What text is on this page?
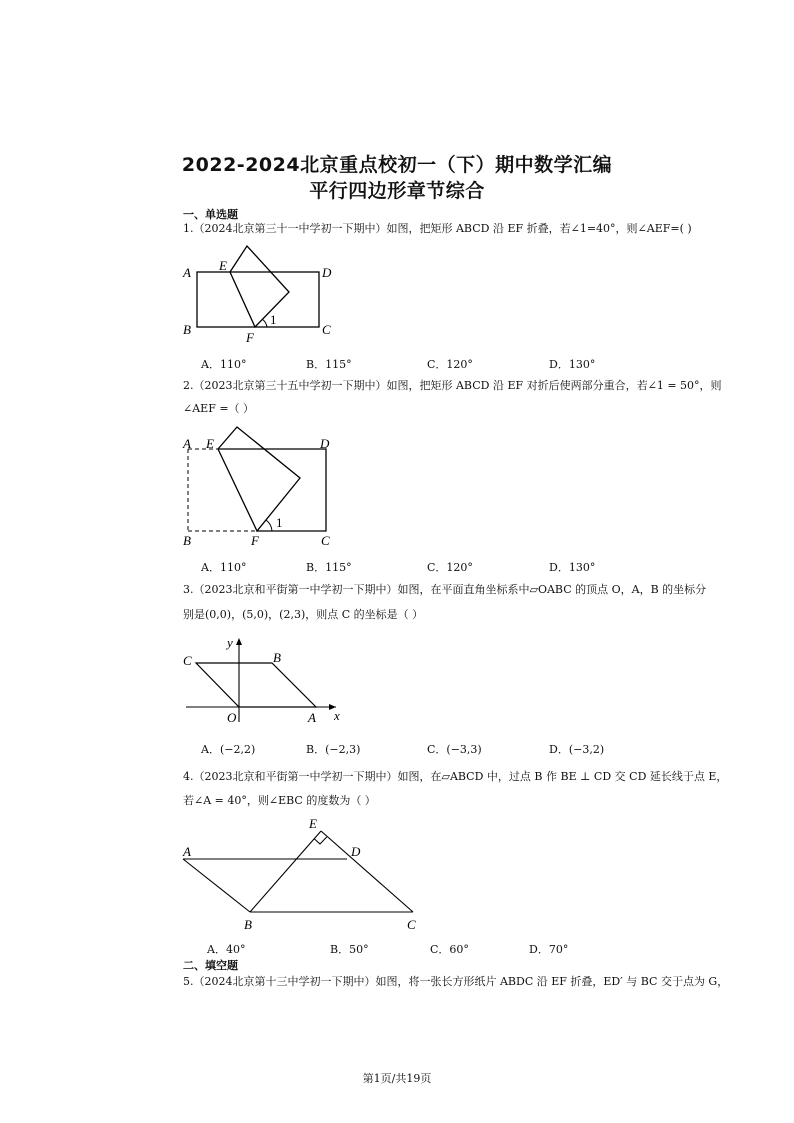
2022-2024北京重点校初一（下）期中数学汇编
平行四边形章节综合
一、单选题
1.（2024北京第三十一中学初一下期中）如图，把矩形 ABCD 沿 EF 折叠，若∠1=40°，则∠AEF=( )
A
B	C
D
E
F
1
A．110°	B．115°	C．120°	D．130°
2.（2023北京第三十五中学初一下期中）如图，把矩形 ABCD 沿 EF 对折后使两部分重合，若∠1 = 50°，则
∠AEF =（ ）
A E	D
B	F	C
1
A．110°	B．115°	C．120°	D．130°
3.（2023北京和平街第一中学初一下期中）如图，在平面直角坐标系中▱OABC 的顶点 O，A，B 的坐标分
别是(0,0)，(5,0)，(2,3)，则点 C 的坐标是（ ）
C	B
O	A x
y
A．(−2,2)	B．(−2,3)	C．(−3,3)	D．(−3,2)
4.（2023北京和平街第一中学初一下期中）如图，在▱ABCD 中，过点 B 作 BE ⊥ CD 交 CD 延长线于点 E，
若∠A = 40°，则∠EBC 的度数为（ ）
A
E
D
B	C
A．40°	B．50°	C．60°	D．70°
二、填空题
5.（2024北京第十三中学初一下期中）如图，将一张长方形纸片 ABDC 沿 EF 折叠，ED′ 与 BC 交于点为 G，
第1页/共19页
